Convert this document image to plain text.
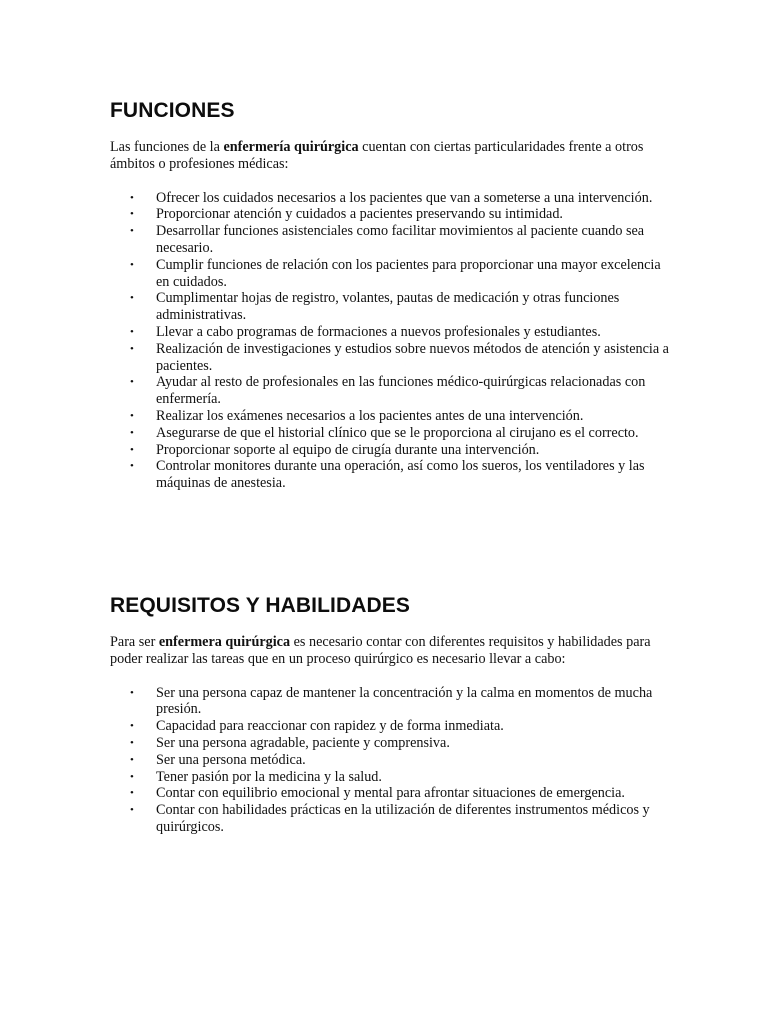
FUNCIONES

Las funciones de la enfermería quirúrgica cuentan con ciertas particularidades frente a otros ámbitos o profesiones médicas:

• Ofrecer los cuidados necesarios a los pacientes que van a someterse a una intervención.
• Proporcionar atención y cuidados a pacientes preservando su intimidad.
• Desarrollar funciones asistenciales como facilitar movimientos al paciente cuando sea necesario.
• Cumplir funciones de relación con los pacientes para proporcionar una mayor excelencia en cuidados.
• Cumplimentar hojas de registro, volantes, pautas de medicación y otras funciones administrativas.
• Llevar a cabo programas de formaciones a nuevos profesionales y estudiantes.
• Realización de investigaciones y estudios sobre nuevos métodos de atención y asistencia a pacientes.
• Ayudar al resto de profesionales en las funciones médico-quirúrgicas relacionadas con enfermería.
• Realizar los exámenes necesarios a los pacientes antes de una intervención.
• Asegurarse de que el historial clínico que se le proporciona al cirujano es el correcto.
• Proporcionar soporte al equipo de cirugía durante una intervención.
• Controlar monitores durante una operación, así como los sueros, los ventiladores y las máquinas de anestesia.
REQUISITOS Y HABILIDADES

Para ser enfermera quirúrgica es necesario contar con diferentes requisitos y habilidades para poder realizar las tareas que en un proceso quirúrgico es necesario llevar a cabo:

• Ser una persona capaz de mantener la concentración y la calma en momentos de mucha presión.
• Capacidad para reaccionar con rapidez y de forma inmediata.
• Ser una persona agradable, paciente y comprensiva.
• Ser una persona metódica.
• Tener pasión por la medicina y la salud.
• Contar con equilibrio emocional y mental para afrontar situaciones de emergencia.
• Contar con habilidades prácticas en la utilización de diferentes instrumentos médicos y quirúrgicos.
